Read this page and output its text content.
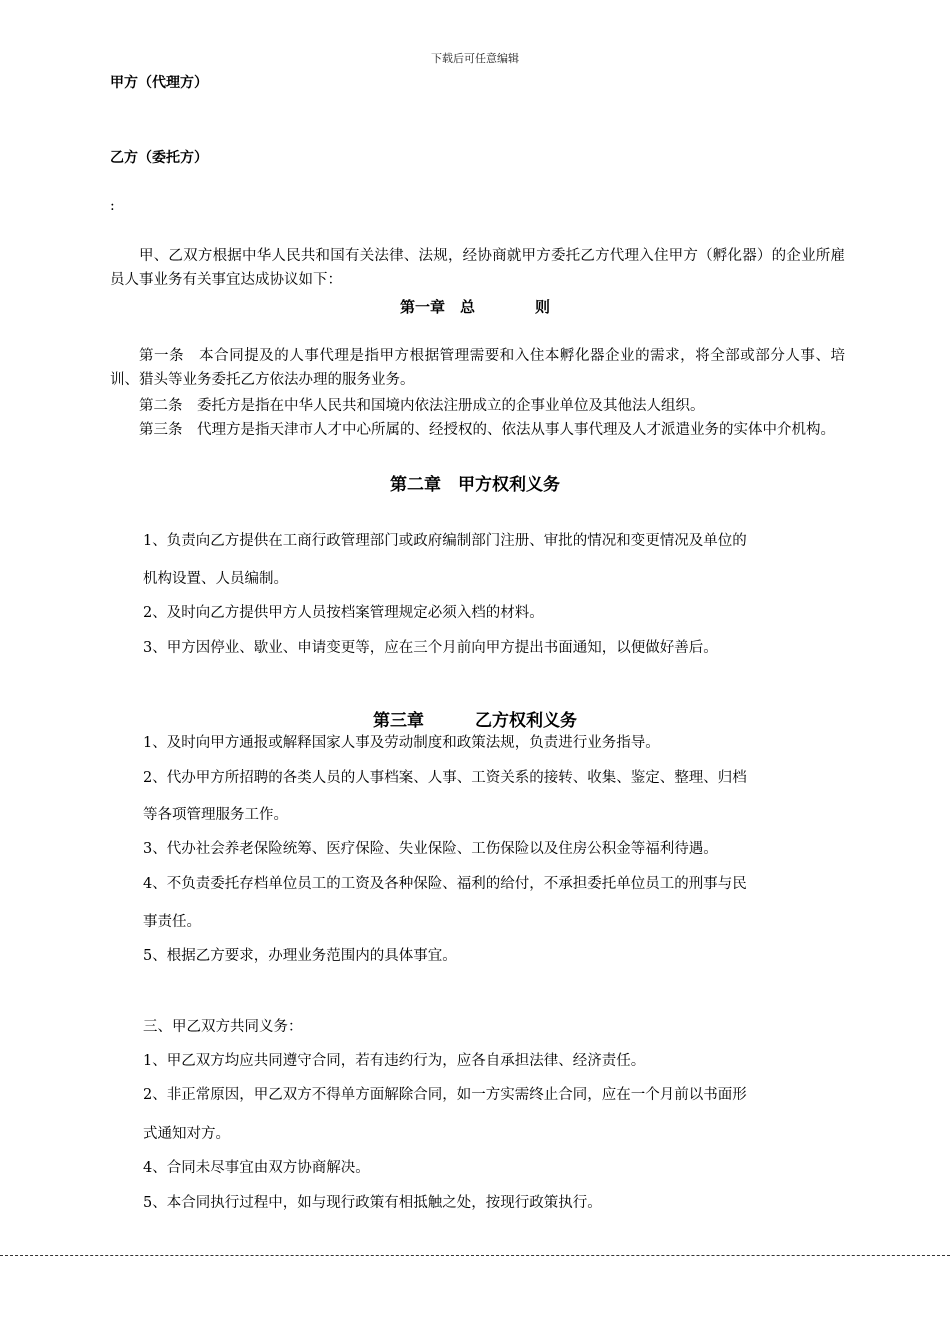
下载后可任意编辑
甲方（代理方）
乙方（委托方）
:
甲、乙双方根据中华人民共和国有关法律、法规，经协商就甲方委托乙方代理入住甲方（孵化器）的企业所雇员人事业务有关事宜达成协议如下：
第一章　总　　　　则
第一条　本合同提及的人事代理是指甲方根据管理需要和入住本孵化器企业的需求，将全部或部分人事、培训、猎头等业务委托乙方依法办理的服务业务。
第二条　委托方是指在中华人民共和国境内依法注册成立的企事业单位及其他法人组织。
第三条　代理方是指天津市人才中心所属的、经授权的、依法从事人事代理及人才派遣业务的实体中介机构。
第二章　甲方权利义务
1、负责向乙方提供在工商行政管理部门或政府编制部门注册、审批的情况和变更情况及单位的
机构设置、人员编制。
2、及时向乙方提供甲方人员按档案管理规定必须入档的材料。
3、甲方因停业、歇业、申请变更等，应在三个月前向甲方提出书面通知，以便做好善后。
第三章　　　乙方权利义务
1、及时向甲方通报或解释国家人事及劳动制度和政策法规，负责进行业务指导。
2、代办甲方所招聘的各类人员的人事档案、人事、工资关系的接转、收集、鉴定、整理、归档
等各项管理服务工作。
3、代办社会养老保险统筹、医疗保险、失业保险、工伤保险以及住房公积金等福利待遇。
4、不负责委托存档单位员工的工资及各种保险、福利的给付，不承担委托单位员工的刑事与民
事责任。
5、根据乙方要求，办理业务范围内的具体事宜。
三、甲乙双方共同义务：
1、甲乙双方均应共同遵守合同，若有违约行为，应各自承担法律、经济责任。
2、非正常原因，甲乙双方不得单方面解除合同，如一方实需终止合同，应在一个月前以书面形
式通知对方。
4、合同未尽事宜由双方协商解决。
5、本合同执行过程中，如与现行政策有相抵触之处，按现行政策执行。
